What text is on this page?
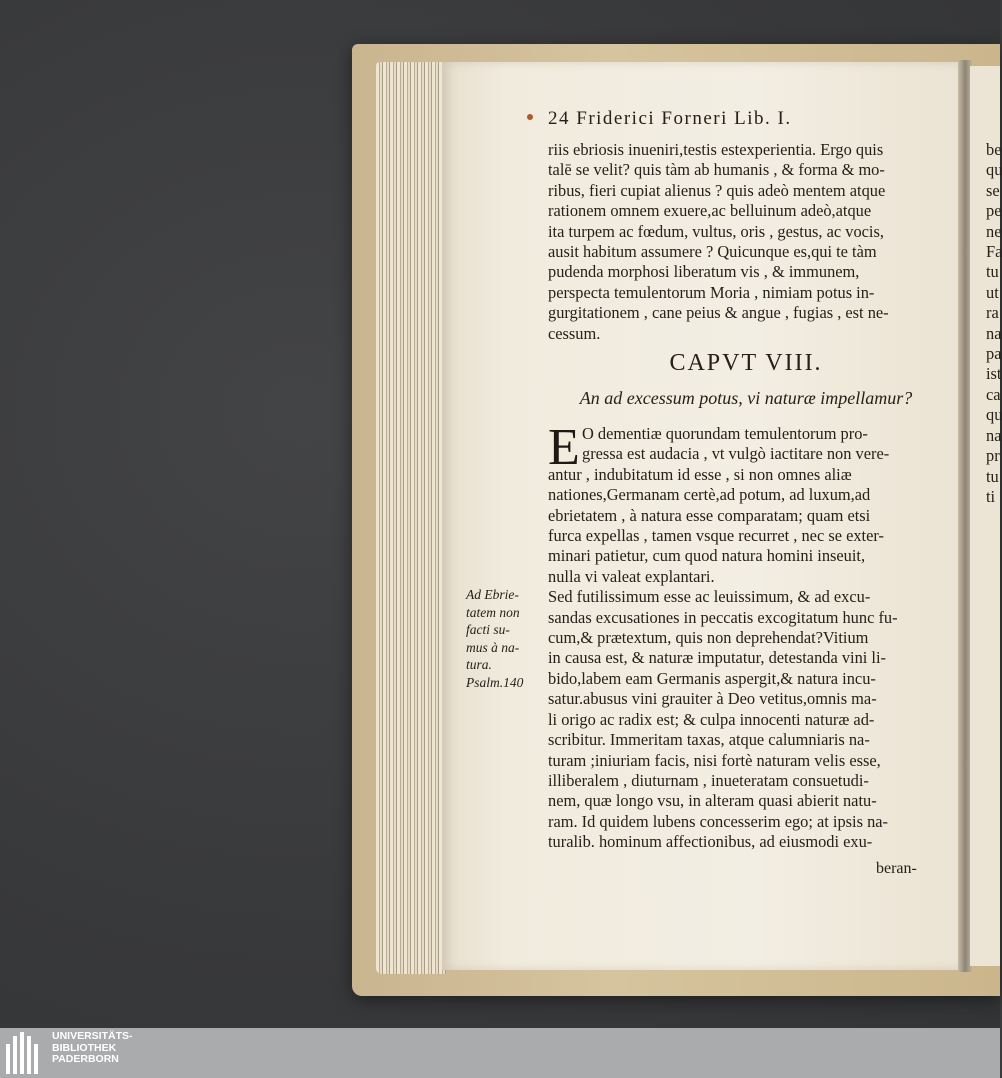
24 Friderici Forneri Lib. I.
riis ebriosis inueniri,testis estexperientia. Ergo quis
talē se velit? quis tàm ab humanis , & forma & mo-
ribus, fieri cupiat alienus ? quis adeò mentem atque
rationem omnem exuere,ac belluinum adeò,atque
ita turpem ac fœdum, vultus, oris , gestus, ac vocis,
ausit habitum assumere ? Quicunque es,qui te tàm
pudenda morphosi liberatum vis , & immunem,
perspecta temulentorum Moria , nimiam potus in-
gurgitationem , cane peius & angue , fugias , est ne-
cessum.
CAPVT VIII.
An ad excessum potus, vi naturæ impellamur?
E O dementiæ quorundam temulentorum pro-
gressa est audacia , vt vulgò iactitare non vere-
antur , indubitatum id esse , si non omnes aliæ
nationes,Germanam certè,ad potum, ad luxum,ad
ebrietatem , à natura esse comparatam; quam etsi
furca expellas , tamen vsque recurret , nec se exter-
minari patietur, cum quod natura homini inseuit,
nulla vi valeat explantari.
Sed futilissimum esse ac leuissimum, & ad excu-
sandas excusationes in peccatis excogitatum hunc fu-
cum,& prætextum, quis non deprehendat?Vitium
in causa est, & naturæ imputatur, detestanda vini li-
bido,labem eam Germanis aspergit,& natura incu-
satur.abusus vini grauiter à Deo vetitus,omnis ma-
li origo ac radix est; & culpa innocenti naturæ ad-
scribitur. Immeritam taxas, atque calumniaris na-
turam ;iniuriam facis, nisi fortè naturam velis esse,
illiberalem , diuturnam , inueteratam consuetudi-
nem, quæ longo vsu, in alteram quasi abierit natu-
ram. Id quidem lubens concesserim ego; at ipsis na-
turalib. hominum affectionibus, ad eiusmodi exu-
Ad Ebrie-
tatem non
facti su-
mus à na-
tura.
Psalm.140
beran-
be
qu
se
pe
ne
Fa
tu
ut
ra
na
pa
ist
ca
qu
na
pr
tu
ti
UNIVERSITÄTS-
BIBLIOTHEK
PADERBORN
